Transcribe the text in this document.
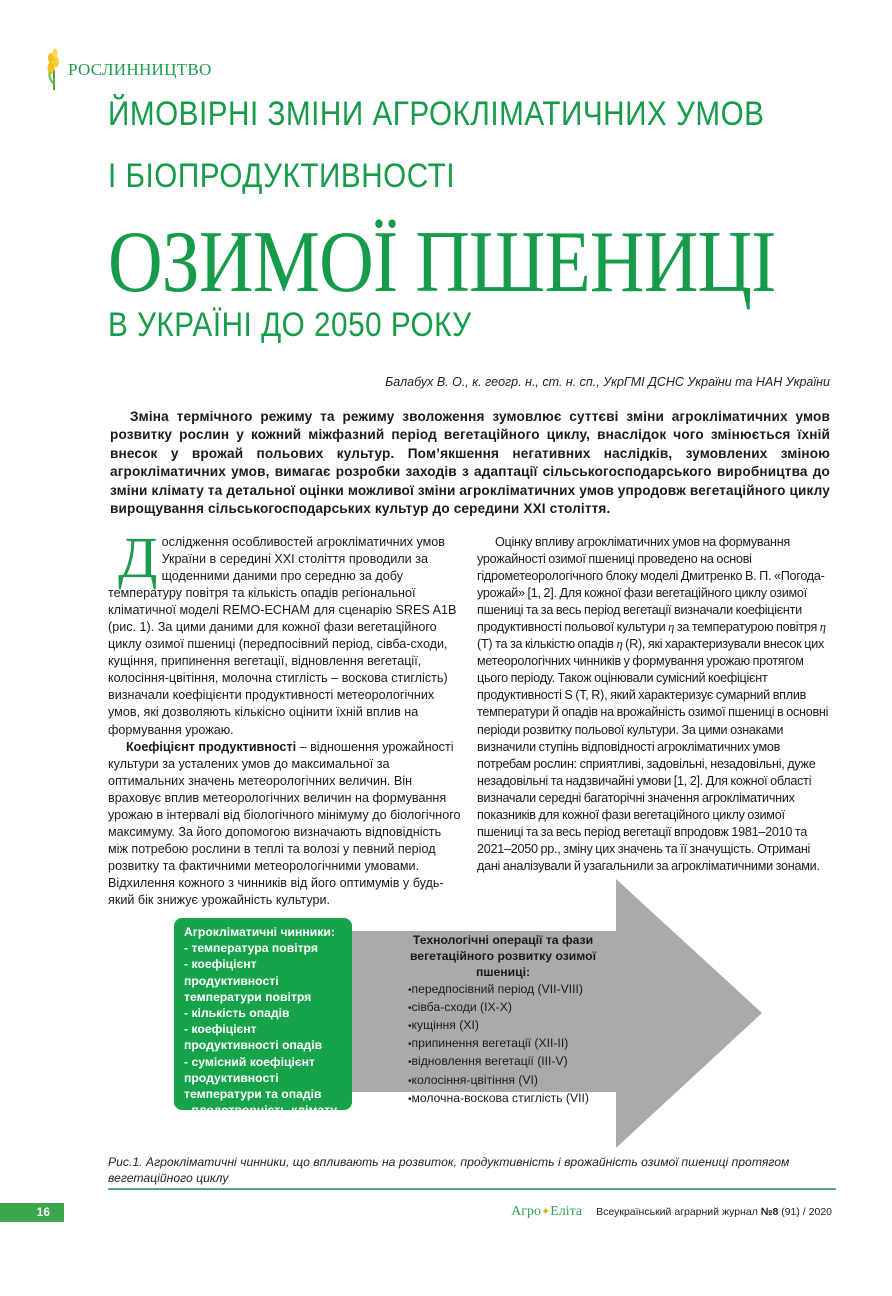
РОСЛИННИЦТВО
ЙМОВІРНІ ЗМІНИ АГРОКЛІМАТИЧНИХ УМОВ
І БІОПРОДУКТИВНОСТІ
ОЗИМОЇ ПШЕНИЦІ
В УКРАЇНІ ДО 2050 РОКУ
Балабух В. О., к. геогр. н., ст. н. сп., УкрГМІ ДСНС України та НАН України
Зміна термічного режиму та режиму зволоження зумовлює суттєві зміни агрокліматичних умов розвитку рослин у кожний міжфазний період вегетаційного циклу, внаслідок чого змінюється їхній внесок у врожай польових культур. Пом’якшення негативних наслідків, зумовлених зміною агрокліматичних умов, вимагає розробки заходів з адаптації сільськогосподарського виробництва до зміни клімату та детальної оцінки можливої зміни агрокліматичних умов упродовж вегетаційного циклу вирощування сільськогосподарських культур до середини XXI століття.

Дослідження особливостей агрокліматичних умов України в середині XXI століття проводили за щоденними даними про середню за добу температуру повітря та кількість опадів регіональної кліматичної моделі REMO-ECHAM для сценарію SRES A1B (рис. 1). За цими даними для кожної фази вегетаційного циклу озимої пшениці (передпосівний період, сівба-сходи, кущіння, припинення вегетації, відновлення вегетації, колосіння-цвітіння, молочна стиглість – воскова стиглість) визначали коефіцієнти продуктивності метеорологічних умов, які дозволяють кількісно оцінити їхній вплив на формування урожаю.

Коефіцієнт продуктивності – відношення урожайності культури за усталених умов до максимальної за оптимальних значень метеорологічних величин. Він враховує вплив метеорологічних величин на формування урожаю в інтервалі від біологічного мінімуму до біологічного максимуму. За його допомогою визначають відповідність між потребою рослини в теплі та волозі у певний період розвитку та фактичними метеорологічними умовами. Відхилення кожного з чинників від його оптимумів у будь-який бік знижує урожайність культури.

Оцінку впливу агрокліматичних умов на формування урожайності озимої пшениці проведено на основі гідрометеорологічного блоку моделі Дмитренко В. П. «Погода-урожай» [1, 2]. Для кожної фази вегетаційного циклу озимої пшениці та за весь період вегетації визначали коефіцієнти продуктивності польової культури η за температурою повітря η (T) та за кількістю опадів η (R), які характеризували внесок цих метеорологічних чинників у формування урожаю протягом цього періоду. Також оцінювали сумісний коефіцієнт продуктивності S (T, R), який характеризує сумарний вплив температури й опадів на врожайність озимої пшениці в основні періоди розвитку польової культури. За цими ознаками визначили ступінь відповідності агрокліматичних умов потребам рослин: сприятливі, задовільні, незадовільні, дуже незадовільні та надзвичайні умови [1, 2]. Для кожної області визначали середні багаторічні значення агрокліматичних показників для кожної фази вегетаційного циклу озимої пшениці та за весь період вегетації впродовж 1981–2010 та 2021–2050 рр., зміну цих значень та її значущість. Отримані дані аналізували й узагальнили за агрокліматичними зонами.

Агрокліматичні чинники:
- температура повітря
- коефіцієнт продуктивності температури повітря
- кількість опадів
- коефіцієнт продуктивності опадів
- сумісний коефіцієнт продуктивності температури та опадів
- плодотворність клімату
Технологічні операції та фази вегетаційного розвитку озимої пшениці:
• передпосівний період (VII-VIII)
• сівба-сходи (IX-X)
• кущіння (XI)
• припинення вегетації (XII-II)
• відновлення вегетації (III-V)
• колосіння-цвітіння (VI)
• молочна-воскова стиглість (VII)
Рис.1. Агрокліматичні чинники, що впливають на розвиток, продуктивність і врожайність озимої пшениці протягом вегетаційного циклу
16	Агро✦Еліта Всеукраїнський аграрний журнал №8 (91) / 2020
